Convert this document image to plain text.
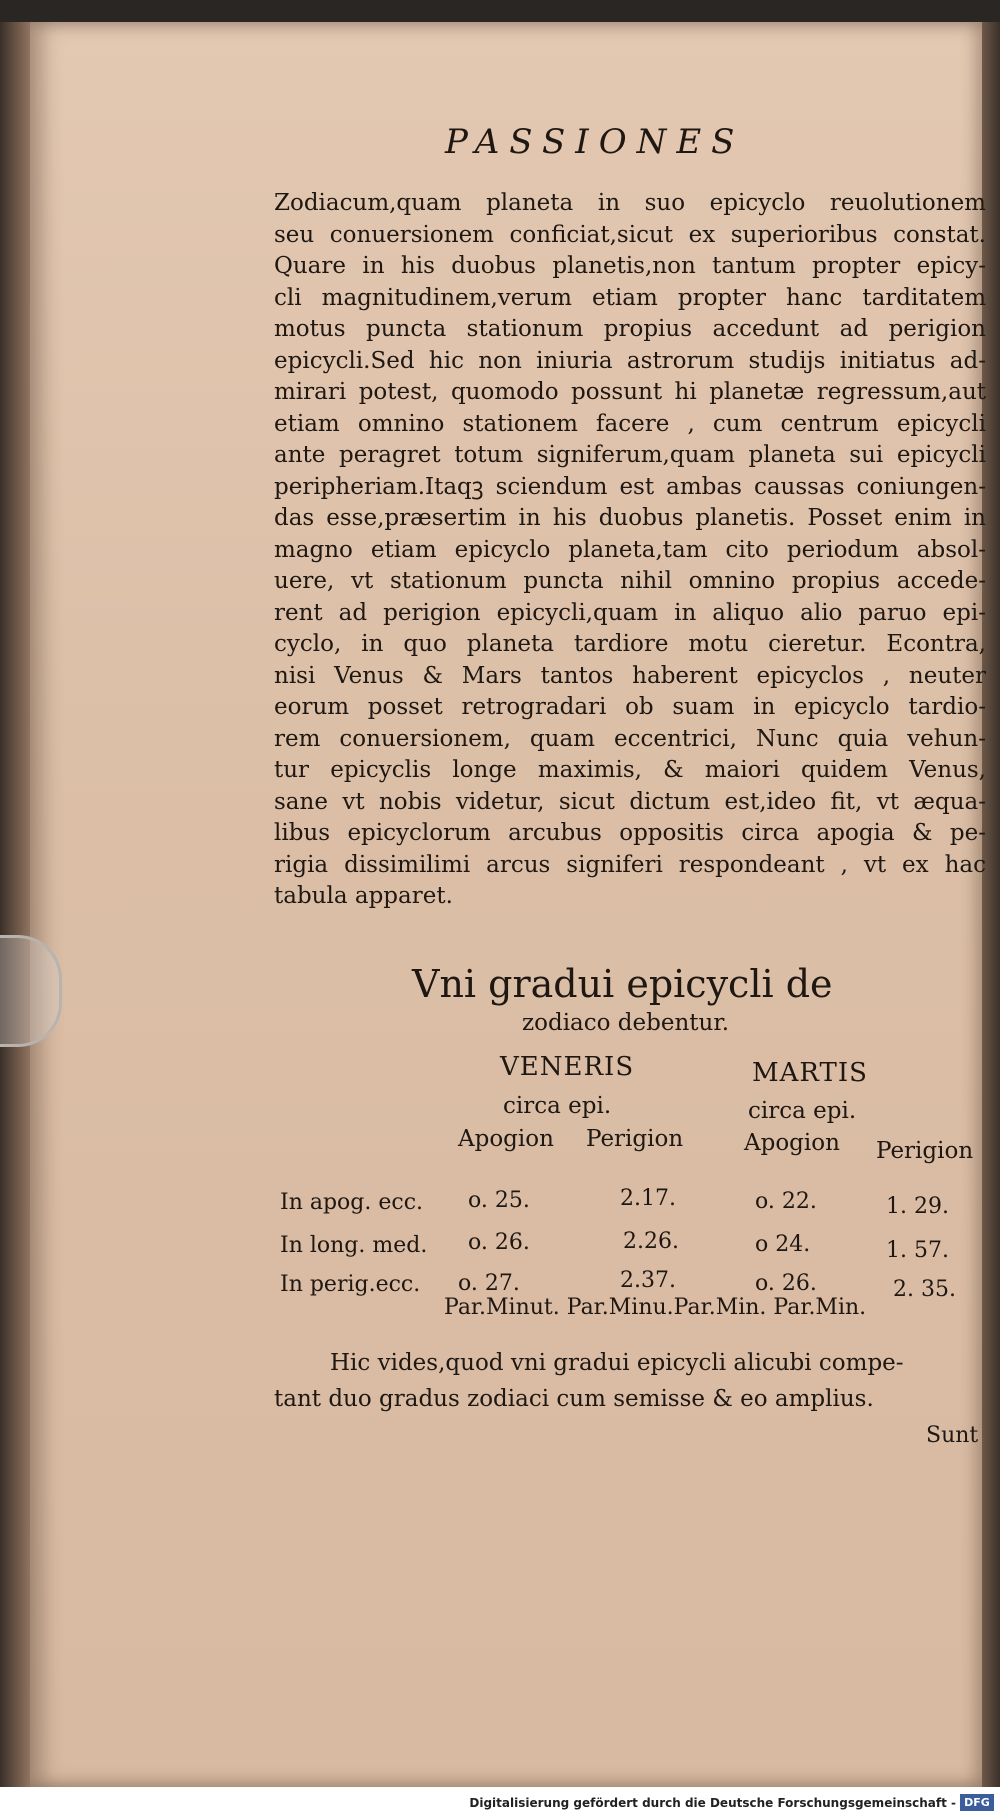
PASSIONES
Zodiacum,quam planeta in suo epicyclo reuolutionem
seu conuersionem conficiat,sicut ex superioribus constat.
Quare in his duobus planetis,non tantum propter epicy-
cli magnitudinem,verum etiam propter hanc tarditatem
motus puncta stationum propius accedunt ad perigion
epicycli.Sed hic non iniuria astrorum studijs initiatus ad-
mirari potest, quomodo possunt hi planetæ regressum,aut
etiam omnino stationem facere , cum centrum epicycli
ante peragret totum signiferum,quam planeta sui epicycli
peripheriam.Itaqꝫ sciendum est ambas caussas coniungen-
das esse,præsertim in his duobus planetis. Posset enim in
magno etiam epicyclo planeta,tam cito periodum absol-
uere, vt stationum puncta nihil omnino propius accede-
rent ad perigion epicycli,quam in aliquo alio paruo epi-
cyclo, in quo planeta tardiore motu cieretur. Econtra,
nisi Venus & Mars tantos haberent epicyclos , neuter
eorum posset retrogradari ob suam in epicyclo tardio-
rem conuersionem, quam eccentrici, Nunc quia vehun-
tur epicyclis longe maximis, & maiori quidem Venus,
sane vt nobis videtur, sicut dictum est,ideo fit, vt æqua-
libus epicyclorum arcubus oppositis circa apogia & pe-
rigia dissimilimi arcus signiferi respondeant , vt ex hac
tabula apparet.
Vni gradui epicycli de
zodiaco debentur.
VENERIS	MARTIS
circa epi.	circa epi.
Apogion Perigion	Apogion Perigion
In apog. ecc. o. 25.	2.17.	o. 22.	1. 29.
In long. med. o. 26.	2.26.	o 24.	1. 57.
In perig.ecc. o. 27.	2.37.	o. 26.	2. 35.
Par.Minut. Par.Minu.Par.Min. Par.Min.
Hic vides,quod vni gradui epicycli alicubi compe-
tant duo gradus zodiaci cum semisse & eo amplius.
Sunt
Digitalisierung gefördert durch die Deutsche Forschungsgemeinschaft - DFG
